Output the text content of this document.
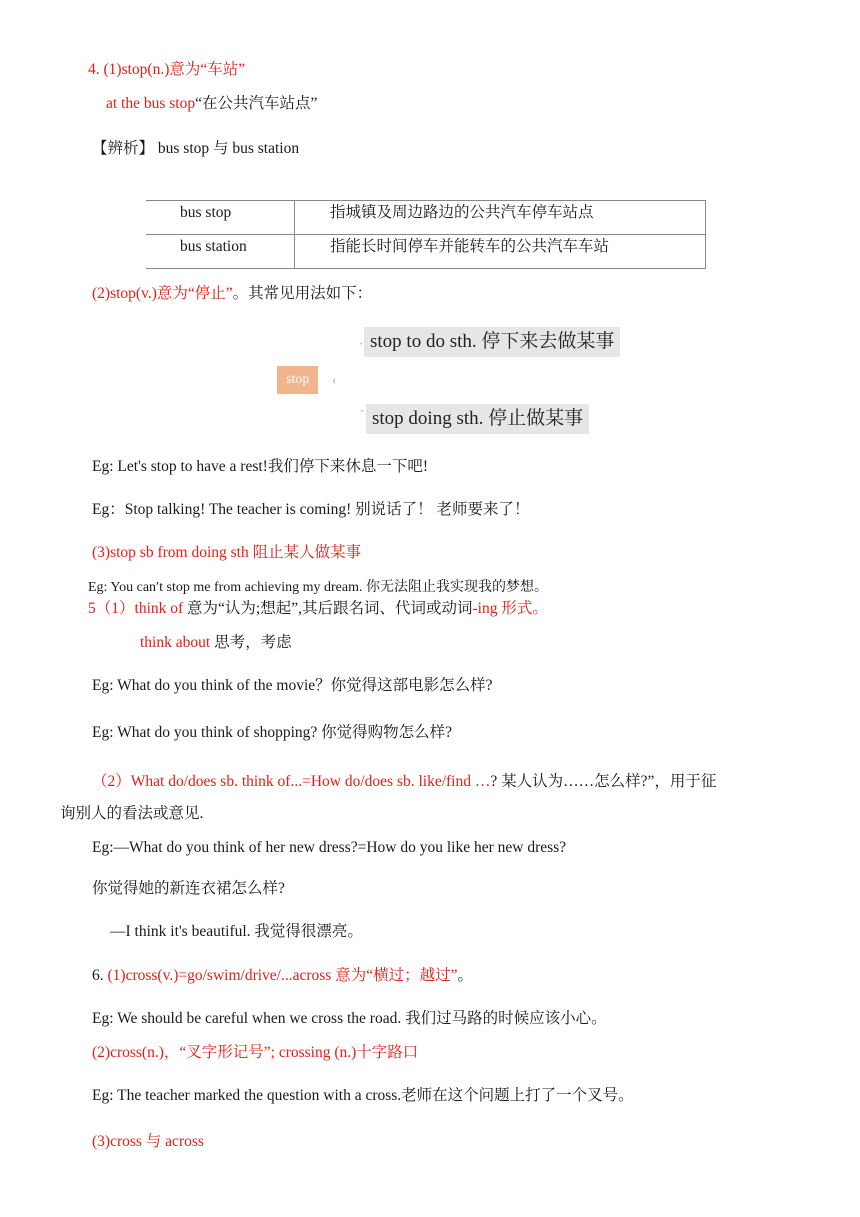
4. (1)stop(n.)意为“车站”
at the bus stop“在公共汽车站点”
【辨析】 bus stop 与 bus station
bus stop	指城镇及周边路边的公共汽车停车站点
bus station	指能长时间停车并能转车的公共汽车车站
(2)stop(v.)意为“停止”。其常见用法如下：
· stop to do sth. 停下来去做某事
stop	‹
` stop doing sth. 停止做某事
Eg: Let's stop to have a rest!我们停下来休息一下吧!
Eg：Stop talking! The teacher is coming! 别说话了！ 老师要来了！
(3)stop sb from doing sth 阻止某人做某事
Eg: You can′t stop me from achieving my dream. 你无法阻止我实现我的梦想。
5（1）think of 意为“认为;想起”,其后跟名词、代词或动词-ing 形式。
think about 思考，考虑
Eg: What do you think of the movie？你觉得这部电影怎么样?
Eg: What do you think of shopping? 你觉得购物怎么样?
（2）What do/does sb. think of...=How do/does sb. like/find …? 某人认为……怎么样?”，用于征
询别人的看法或意见.
Eg:—What do you think of her new dress?=How do you like her new dress?
你觉得她的新连衣裙怎么样?
—I think it's beautiful. 我觉得很漂亮。
6. (1)cross(v.)=go/swim/drive/...across 意为“横过；越过”。
Eg: We should be careful when we cross the road. 我们过马路的时候应该小心。
(2)cross(n.)，“叉字形记号”; crossing (n.)十字路口
Eg: The teacher marked the question with a cross.老师在这个问题上打了一个叉号。
(3)cross 与 across
